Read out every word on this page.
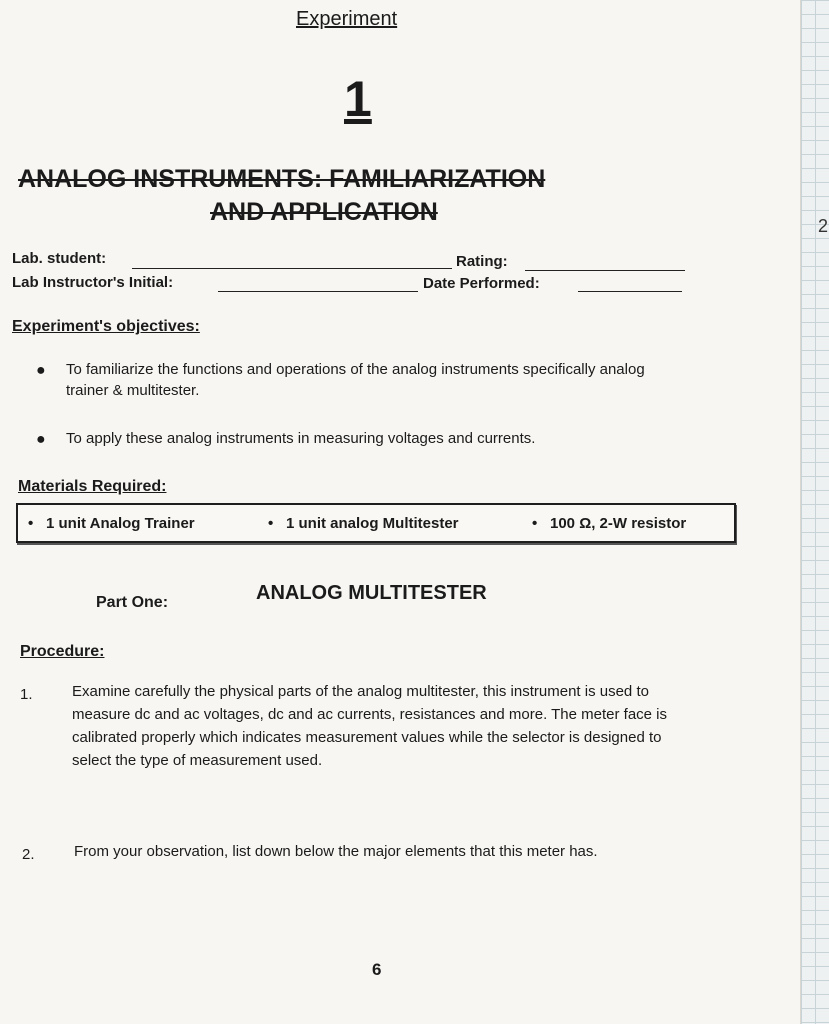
Experiment
1
ANALOG INSTRUMENTS: FAMILIARIZATION
AND APPLICATION
Lab. student:	Rating:
Lab Instructor's Initial:	Date Performed:
Experiment's objectives:
● To familiarize the functions and operations of the analog instruments specifically analog trainer & multitester.
● To apply these analog instruments in measuring voltages and currents.
Materials Required:
• 1 unit Analog Trainer	• 1 unit analog Multitester	• 100 Ω, 2-W resistor
Part One:	ANALOG MULTITESTER
Procedure:
1.	Examine carefully the physical parts of the analog multitester, this instrument is used to measure dc and ac voltages, dc and ac currents, resistances and more. The meter face is calibrated properly which indicates measurement values while the selector is designed to select the type of measurement used.
2.	From your observation, list down below the major elements that this meter has.
6
2
